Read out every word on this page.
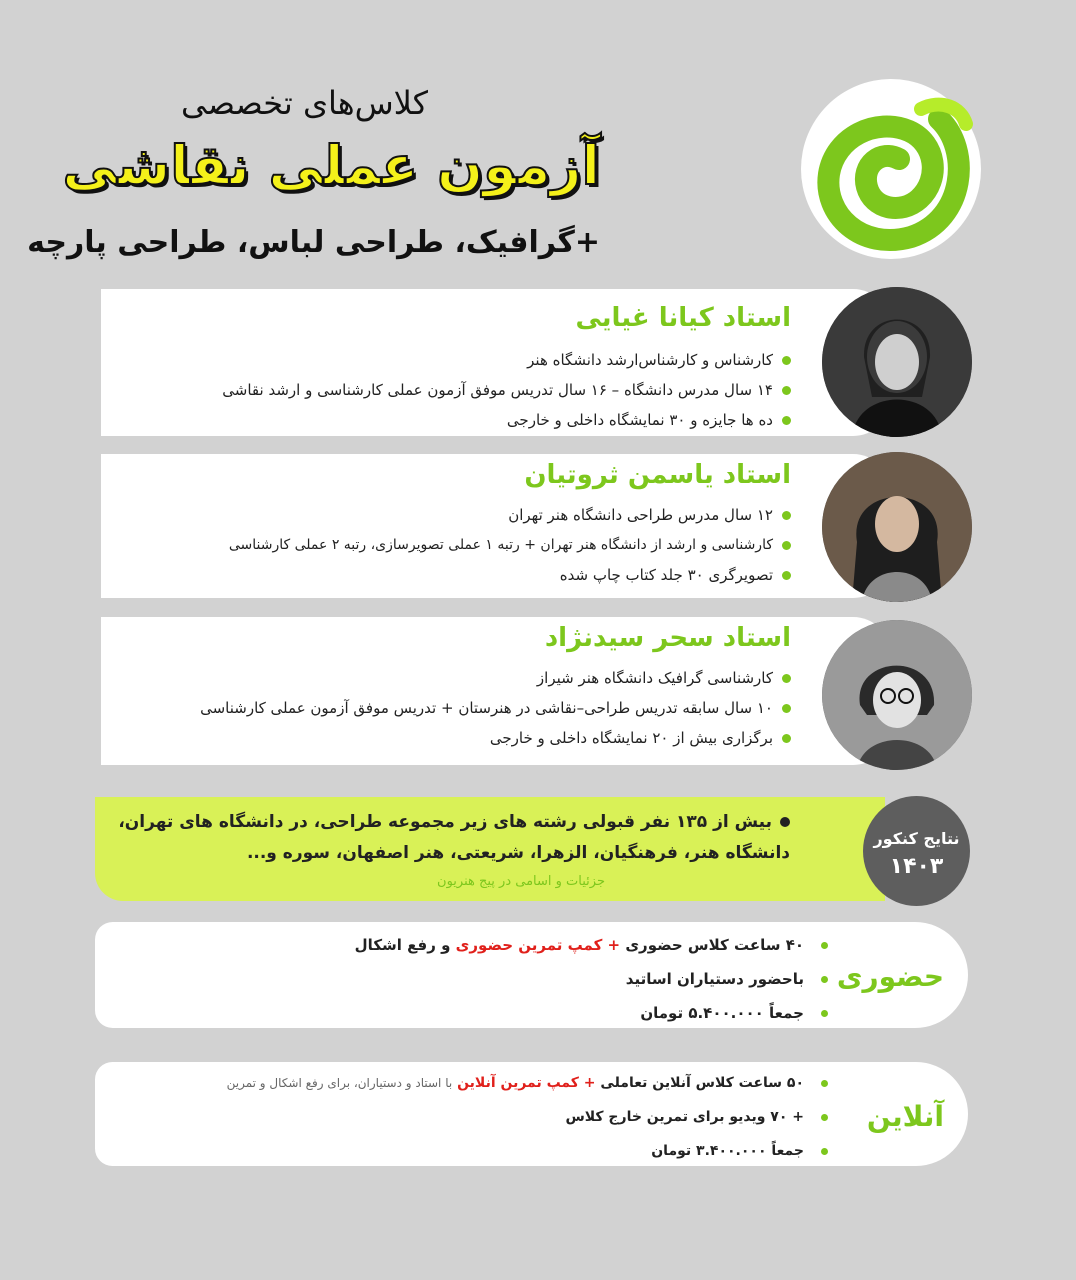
کلاس‌های تخصصی
آزمون عملی نقاشی
+گرافیک، طراحی لباس، طراحی پارچه
استاد کیانا غیایی
کارشناس و کارشناس‌ارشد دانشگاه هنر
۱۴ سال مدرس دانشگاه – ۱۶ سال تدریس موفق آزمون عملی کارشناسی و ارشد نقاشی
ده ها جایزه و ۳۰ نمایشگاه داخلی و خارجی
استاد یاسمن ثروتیان
۱۲ سال مدرس طراحی دانشگاه هنر تهران
کارشناسی و ارشد از دانشگاه هنر تهران + رتبه ۱ عملی تصویرسازی، رتبه ۲ عملی کارشناسی
تصویرگری ۳۰ جلد کتاب چاپ شده
استاد سحر سیدنژاد
کارشناسی گرافیک دانشگاه هنر شیراز
۱۰ سال سابقه تدریس طراحی–نقاشی در هنرستان + تدریس موفق آزمون عملی کارشناسی
برگزاری بیش از ۲۰ نمایشگاه داخلی و خارجی
بیش از ۱۳۵ نفر قبولی رشته های زیر مجموعه طراحی، در دانشگاه های تهران،
دانشگاه هنر، فرهنگیان، الزهرا، شریعتی، هنر اصفهان، سوره و...
جزئیات و اسامی در پیج هنریون
نتایج کنکور
۱۴۰۳
حضوری
۴۰ ساعت کلاس حضوری + کمپ تمرین حضوری و رفع اشکال
باحضور دستیاران اساتید
جمعاً ۵.۴۰۰.۰۰۰ تومان
آنلاین
۵۰ ساعت کلاس آنلاین تعاملی + کمپ تمرین آنلاین با استاد و دستیاران، برای رفع اشکال و تمرین
+ ۷۰ ویدیو برای تمرین خارج کلاس
جمعاً ۳.۴۰۰.۰۰۰ تومان
